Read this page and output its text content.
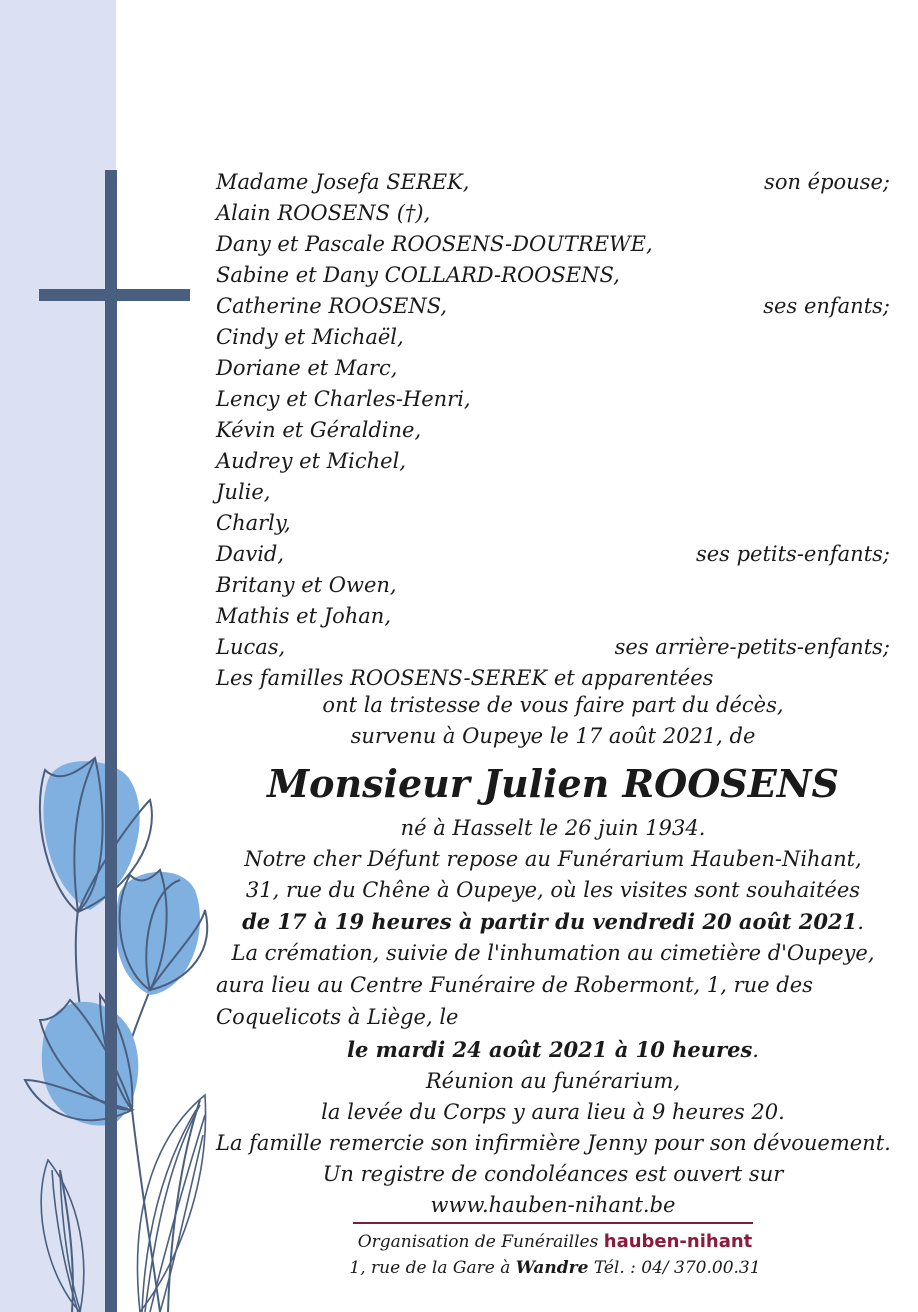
Madame Josefa SEREK,	son épouse;
Alain ROOSENS (†),
Dany et Pascale ROOSENS-DOUTREWE,
Sabine et Dany COLLARD-ROOSENS,
Catherine ROOSENS,	ses enfants;
Cindy et Michaël,
Doriane et Marc,
Lency et Charles-Henri,
Kévin et Géraldine,
Audrey et Michel,
Julie,
Charly,
David,	ses petits-enfants;
Britany et Owen,
Mathis et Johan,
Lucas,	ses arrière-petits-enfants;
Les familles ROOSENS-SEREK et apparentées
ont la tristesse de vous faire part du décès,
survenu à Oupeye le 17 août 2021, de
Monsieur Julien ROOSENS
né à Hasselt le 26 juin 1934.
Notre cher Défunt repose au Funérarium Hauben-Nihant,
31, rue du Chêne à Oupeye, où les visites sont souhaitées
de 17 à 19 heures à partir du vendredi 20 août 2021.
La crémation, suivie de l'inhumation au cimetière d'Oupeye,
aura lieu au Centre Funéraire de Robermont, 1, rue des
Coquelicots à Liège, le
le mardi 24 août 2021 à 10 heures.
Réunion au funérarium,
la levée du Corps y aura lieu à 9 heures 20.
La famille remercie son infirmière Jenny pour son dévouement.
Un registre de condoléances est ouvert sur
www.hauben-nihant.be
Organisation de Funérailles hauben-nihant
1, rue de la Gare à Wandre Tél. : 04/ 370.00.31
